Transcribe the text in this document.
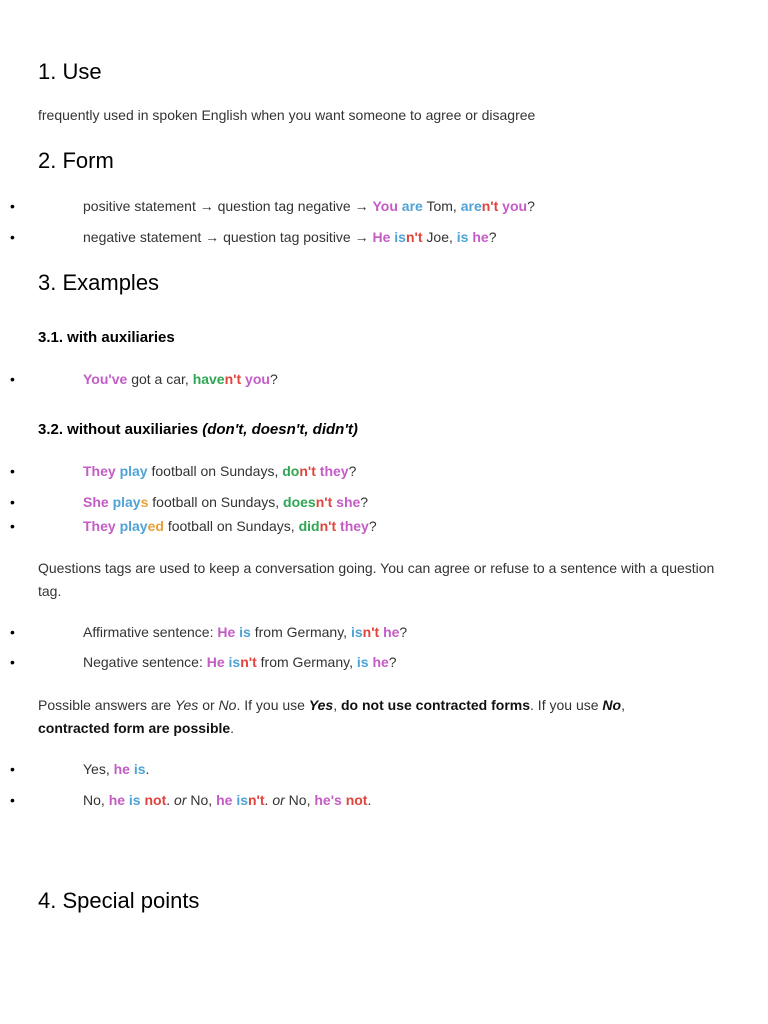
1. Use

frequently used in spoken English when you want someone to agree or disagree

2. Form
•	positive statement → question tag negative → You are Tom, aren't you?
•	negative statement → question tag positive → He isn't Joe, is he?
3. Examples
3.1. with auxiliaries
•	You've got a car, haven't you?
3.2. without auxiliaries (don't, doesn't, didn't)
•	They play football on Sundays, don't they?
•	She plays football on Sundays, doesn't she?
•	They played football on Sundays, didn't they?

Questions tags are used to keep a conversation going. You can agree or refuse to a sentence with a question tag.

•	Affirmative sentence: He is from Germany, isn't he?
•	Negative sentence: He isn't from Germany, is he?

Possible answers are Yes or No. If you use Yes, do not use contracted forms. If you use No, contracted form are possible.

•	Yes, he is.
•	No, he is not. or No, he isn't. or No, he's not.
4. Special points
